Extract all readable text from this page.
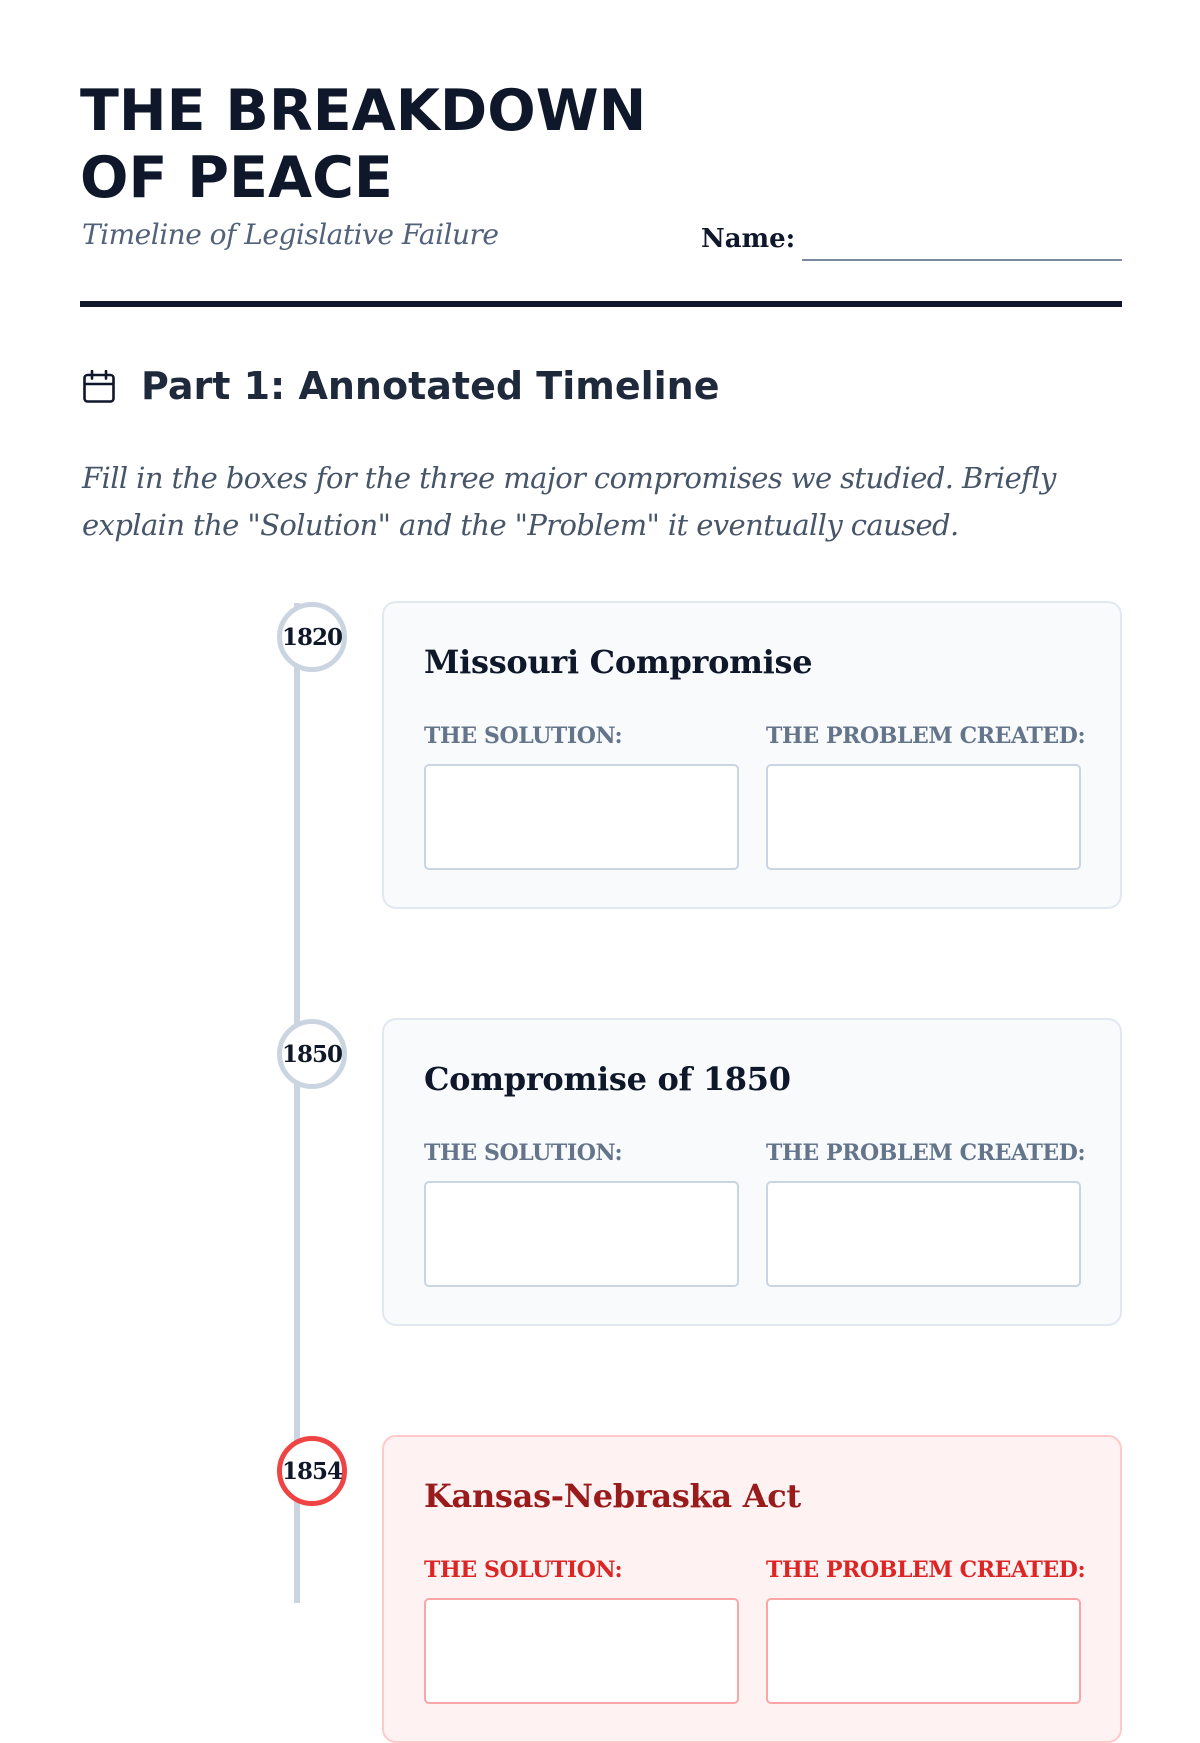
THE BREAKDOWN
OF PEACE
Timeline of Legislative Failure	Name:
Part 1: Annotated Timeline
Fill in the boxes for the three major compromises we studied. Briefly explain the "Solution" and the "Problem" it eventually caused.
1820
Missouri Compromise
THE SOLUTION:	THE PROBLEM CREATED:
1850
Compromise of 1850
THE SOLUTION:	THE PROBLEM CREATED:
1854
Kansas-Nebraska Act
THE SOLUTION:	THE PROBLEM CREATED:
